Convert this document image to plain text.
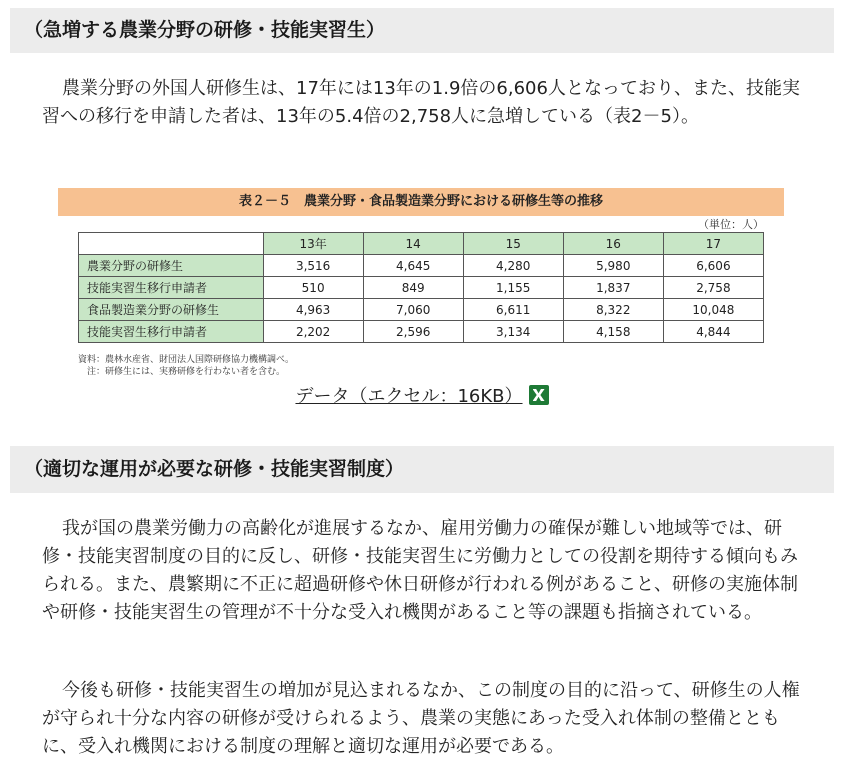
（急増する農業分野の研修・技能実習生）

農業分野の外国人研修生は、17年には13年の1.9倍の6,606人となっており、また、技能実習への移行を申請した者は、13年の5.4倍の2,758人に急増している（表2－5）。

表２－５　農業分野・食品製造業分野における研修生等の推移
（単位：人）
	13年	14	15	16	17
農業分野の研修生	3,516	4,645	4,280	5,980	6,606
技能実習生移行申請者	510	849	1,155	1,837	2,758
食品製造業分野の研修生	4,963	7,060	6,611	8,322	10,048
技能実習生移行申請者	2,202	2,596	3,134	4,158	4,844
資料：農林水産省、財団法人国際研修協力機構調べ。
　注：研修生には、実務研修を行わない者を含む。
データ（エクセル：16KB）
（適切な運用が必要な研修・技能実習制度）

我が国の農業労働力の高齢化が進展するなか、雇用労働力の確保が難しい地域等では、研修・技能実習制度の目的に反し、研修・技能実習生に労働力としての役割を期待する傾向もみられる。また、農繁期に不正に超過研修や休日研修が行われる例があること、研修の実施体制や研修・技能実習生の管理が不十分な受入れ機関があること等の課題も指摘されている。

今後も研修・技能実習生の増加が見込まれるなか、この制度の目的に沿って、研修生の人権が守られ十分な内容の研修が受けられるよう、農業の実態にあった受入れ体制の整備とともに、受入れ機関における制度の理解と適切な運用が必要である。
